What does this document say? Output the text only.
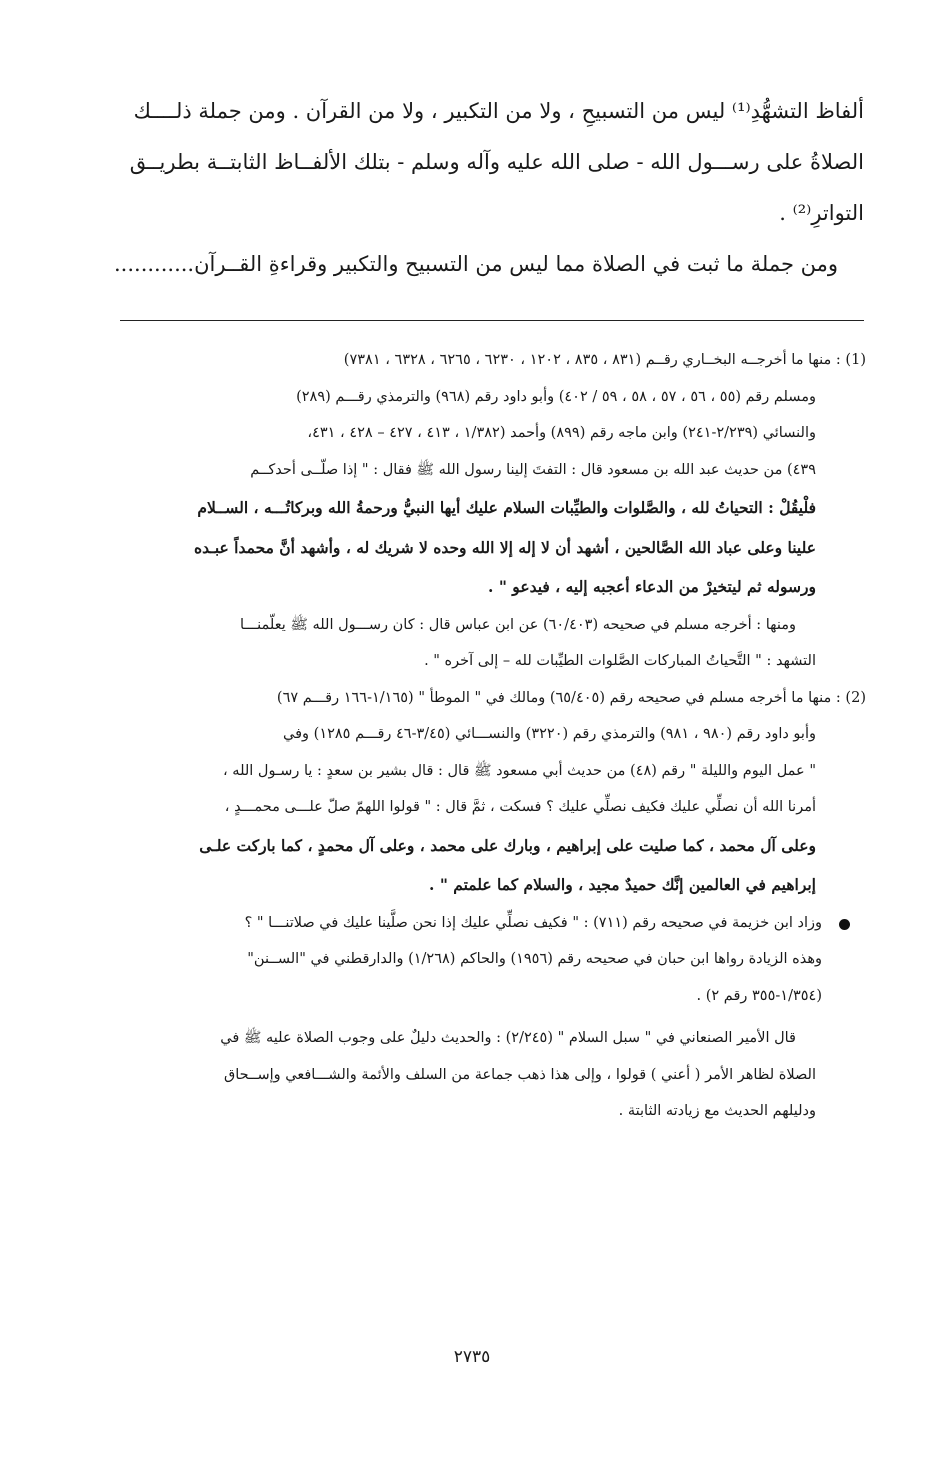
ألفاظ التشهُّدِ⁽¹⁾ ليس من التسبيحِ ، ولا من التكبير ، ولا من القرآن . ومن جملة ذلــــك

الصلاةُ على رســـول الله - صلى الله عليه وآله وسلم - بتلك الألفــاظ الثابتــة بطريــق

التواترِ⁽²⁾ .

ومن جملة ما ثبت في الصلاة مما ليس من التسبيح والتكبير وقراءةِ القــرآن............

(1) : منها ما أخرجــه البخــاري رقــم (٨٣١ ، ٨٣٥ ، ١٢٠٢ ، ٦٢٣٠ ، ٦٢٦٥ ، ٦٣٢٨ ، ٧٣٨١)

ومسلم رقم (٥٥ ، ٥٦ ، ٥٧ ، ٥٨ ، ٥٩ / ٤٠٢) وأبو داود رقم (٩٦٨) والترمذي رقـــم (٢٨٩)

والنسائي (٢/٢٣٩-٢٤١) وابن ماجه رقم (٨٩٩) وأحمد (١/٣٨٢ ، ٤١٣ ، ٤٢٧ – ٤٢٨ ، ٤٣١،

٤٣٩) من حديث عبد الله بن مسعود قال : التفتَ إلينا رسول الله ﷺ فقال : " إذا صلّــى أحدكــم

فلْيقُلْ : التحياتُ لله ، والصَّلوات والطيِّبات السلام عليك أيها النبيُّ ورحمةُ الله وبركاتُـــه ، الســلام

علينا وعلى عباد الله الصَّالحين ، أشهد أن لا إله إلا الله وحده لا شريك له ، وأشهد أنَّ محمداً عبـده

ورسوله ثم ليتخيرْ من الدعاء أعجبه إليه ، فيدعو " .

ومنها : أخرجه مسلم في صحيحه (٦٠/٤٠٣) عن ابن عباس قال : كان رســـول الله ﷺ يعلّمنـــا

التشهد : " التَّحياتُ المباركات الصَّلوات الطيِّبات لله – إلى آخره " .

(2) : منها ما أخرجه مسلم في صحيحه رقم (٦٥/٤٠٥) ومالك في " الموطأ " (١/١٦٥-١٦٦ رقـــم ٦٧)

وأبو داود رقم (٩٨٠ ، ٩٨١) والترمذي رقم (٣٢٢٠) والنســـائي (٣/٤٥-٤٦ رقـــم ١٢٨٥) وفي

" عمل اليوم والليلة " رقم (٤٨) من حديث أبي مسعود ﷺ قال : قال بشير بن سعدٍ : يا رسـول الله ،

أمرنا الله أن نصلِّي عليك فكيف نصلِّي عليك ؟ فسكت ، ثمَّ قال : " قولوا اللهمّ صلّ علـــى محمـــدٍ ،

وعلى آل محمد ، كما صليت على إبراهيم ، وبارك على محمد ، وعلى آل محمدٍ ، كما باركت علـى

إبراهيم في العالمين إنَّك حميدٌ مجيد ، والسلام كما علمتم " .

وزاد ابن خزيمة في صحيحه رقم (٧١١) : " فكيف نصلِّي عليك إذا نحن صلَّينا عليك في صلاتنـــا " ؟

وهذه الزيادة رواها ابن حبان في صحيحه رقم (١٩٥٦) والحاكم (١/٢٦٨) والدارقطني في "الســنن"

(١/٣٥٤-٣٥٥ رقم ٢) .

قال الأمير الصنعاني في " سبل السلام " (٢/٢٤٥) : والحديث دليلٌ على وجوب الصلاة عليه ﷺ في

الصلاة لظاهر الأمر ( أعني ) قولوا ، وإلى هذا ذهب جماعة من السلف والأئمة والشـــافعي وإســحاق

ودليلهم الحديث مع زيادته الثابتة .

٢٧٣٥
